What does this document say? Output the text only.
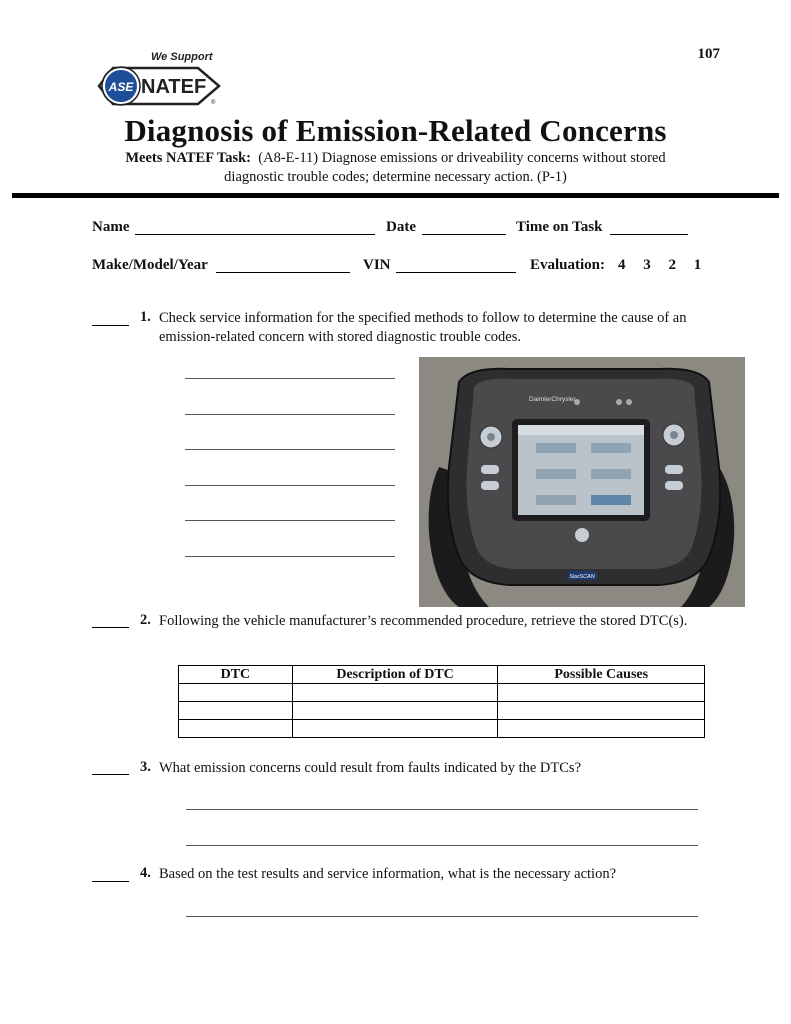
107
We Support
ASE NATEF
®
Diagnosis of Emission-Related Concerns
Meets NATEF Task: (A8-E-11) Diagnose emissions or driveability concerns without stored diagnostic trouble codes; determine necessary action. (P-1)
Name	Date	Time on Task
Make/Model/Year	VIN	Evaluation: 4 3 2 1
1. Check service information for the specified methods to follow to determine the cause of an emission-related concern with stored diagnostic trouble codes.
DaimlerChrysler
StarSCAN
2. Following the vehicle manufacturer’s recommended procedure, retrieve the stored DTC(s).
DTC	Description of DTC	Possible Causes

3. What emission concerns could result from faults indicated by the DTCs?
4. Based on the test results and service information, what is the necessary action?
